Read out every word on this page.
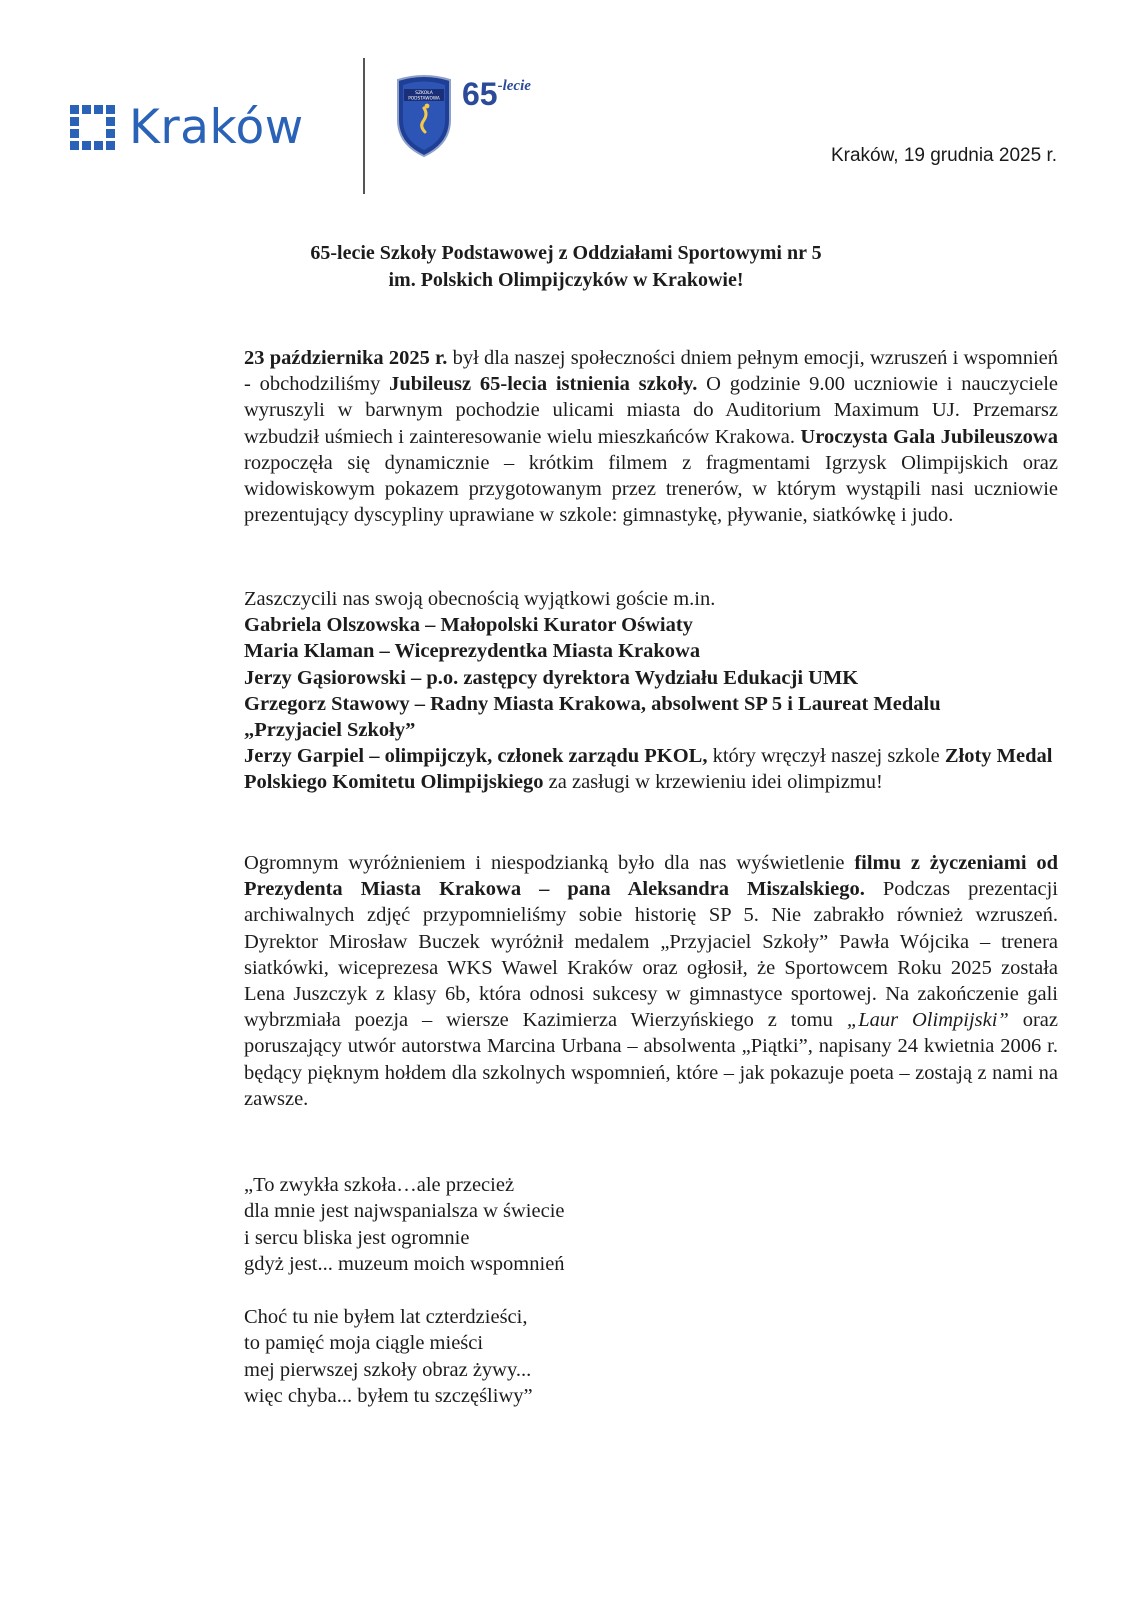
Kraków
SZKOŁA
PODSTAWOWA 65 -lecie
Kraków, 19 grudnia 2025 r.
65-lecie Szkoły Podstawowej z Oddziałami Sportowymi nr 5
im. Polskich Olimpijczyków w Krakowie!
23 października 2025 r. był dla naszej społeczności dniem pełnym emocji, wzruszeń i wspomnień - obchodziliśmy Jubileusz 65-lecia istnienia szkoły. O godzinie 9.00 uczniowie i nauczyciele wyruszyli w barwnym pochodzie ulicami miasta do Auditorium Maximum UJ. Przemarsz wzbudził uśmiech i zainteresowanie wielu mieszkańców Krakowa. Uroczysta Gala Jubileuszowa rozpoczęła się dynamicznie – krótkim filmem z fragmentami Igrzysk Olimpijskich oraz widowiskowym pokazem przygotowanym przez trenerów, w którym wystąpili nasi uczniowie prezentujący dyscypliny uprawiane w szkole: gimnastykę, pływanie, siatkówkę i judo.
Zaszczycili nas swoją obecnością wyjątkowi goście m.in.
Gabriela Olszowska – Małopolski Kurator Oświaty
Maria Klaman – Wiceprezydentka Miasta Krakowa
Jerzy Gąsiorowski – p.o. zastępcy dyrektora Wydziału Edukacji UMK
Grzegorz Stawowy – Radny Miasta Krakowa, absolwent SP 5 i Laureat Medalu
„Przyjaciel Szkoły”
Jerzy Garpiel – olimpijczyk, członek zarządu PKOL, który wręczył naszej szkole Złoty Medal Polskiego Komitetu Olimpijskiego za zasługi w krzewieniu idei olimpizmu!
Ogromnym wyróżnieniem i niespodzianką było dla nas wyświetlenie filmu z życzeniami od Prezydenta Miasta Krakowa – pana Aleksandra Miszalskiego. Podczas prezentacji archiwalnych zdjęć przypomnieliśmy sobie historię SP 5. Nie zabrakło również wzruszeń. Dyrektor Mirosław Buczek wyróżnił medalem „Przyjaciel Szkoły” Pawła Wójcika – trenera siatkówki, wiceprezesa WKS Wawel Kraków oraz ogłosił, że Sportowcem Roku 2025 została Lena Juszczyk z klasy 6b, która odnosi sukcesy w gimnastyce sportowej. Na zakończenie gali wybrzmiała poezja – wiersze Kazimierza Wierzyńskiego z tomu „Laur Olimpijski” oraz poruszający utwór autorstwa Marcina Urbana – absolwenta „Piątki”, napisany 24 kwietnia 2006 r. będący pięknym hołdem dla szkolnych wspomnień, które – jak pokazuje poeta – zostają z nami na zawsze.
„To zwykła szkoła…ale przecież
dla mnie jest najwspanialsza w świecie
i sercu bliska jest ogromnie
gdyż jest... muzeum moich wspomnień
Choć tu nie byłem lat czterdzieści,
to pamięć moja ciągle mieści
mej pierwszej szkoły obraz żywy...
więc chyba... byłem tu szczęśliwy”
